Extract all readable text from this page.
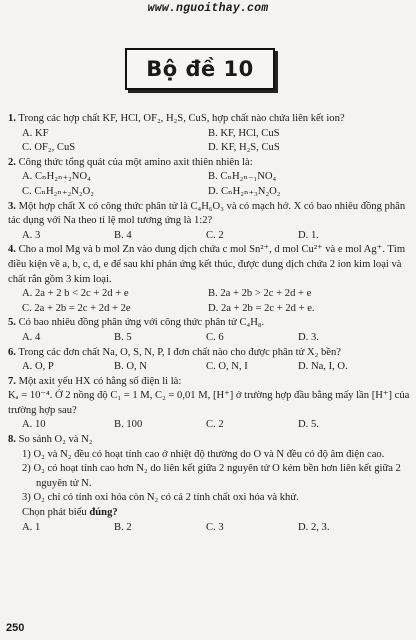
www.nguoithay.com
Bộ đề 10

1. Trong các hợp chất KF, HCl, OF₂, H₂S, CuS, hợp chất nào chứa liên kết ion?

A. KF	B. KF, HCl, CuS
C. OF₂, CuS	D. KF, H₂S, CuS

2. Công thức tổng quát của một amino axit thiên nhiên là:

A. CₙH₂ₙ₊₂NO₄	B. CₙH₂ₙ₋₁NO₄
C. CₙH₂ₙ₊₂N₂O₂	D. CₙH₂ₙ₊₃N₂O₂

3. Một hợp chất X có công thức phân tử là C₄H₆O₃ và có mạch hở. X có bao nhiêu đồng phân tác dụng với Na theo tỉ lệ mol tương ứng là 1:2?

A. 3	B. 4	C. 2	D. 1.

4. Cho a mol Mg và b mol Zn vào dung dịch chứa c mol Sn²⁺, d mol Cu²⁺ và e mol Ag⁺. Tìm điều kiện về a, b, c, d, e để sau khi phản ứng kết thúc, được dung dịch chứa 2 ion kim loại và chất rắn gồm 3 kim loại.

A. 2a + 2 b < 2c + 2d + e	B. 2a + 2b > 2c + 2d + e
C. 2a + 2b = 2c + 2d + 2e	D. 2a + 2b = 2c + 2d + e.

5. Có bao nhiêu đồng phân ứng với công thức phân tử C₄H₈.

A. 4	B. 5	C. 6	D. 3.

6. Trong các đơn chất Na, O, S, N, P, I đơn chất nào cho được phân tử X₂ bền?

A. O, P	B. O, N	C. O, N, I	D. Na, I, O.

7. Một axit yếu HX có hằng số điện li là:

Kₐ = 10⁻⁴. Ở 2 nồng độ C₁ = 1 M, C₂ = 0,01 M, [H⁺] ở trường hợp đầu bằng mấy lần [H⁺] của trường hợp sau?

A. 10	B. 100	C. 2	D. 5.

8. So sánh O₂ và N₂

1) O₂ và N₂ đều có hoạt tính cao ở nhiệt độ thường do O và N đều có độ âm điện cao.

2) O₂ có hoạt tính cao hơn N₂ do liên kết giữa 2 nguyên tử O kém bền hơn liên kết giữa 2 nguyên tử N.

3) O₂ chỉ có tính oxi hóa còn N₂ có cả 2 tính chất oxi hóa và khử.

Chọn phát biểu đúng?

A. 1	B. 2	C. 3	D. 2, 3.
250
